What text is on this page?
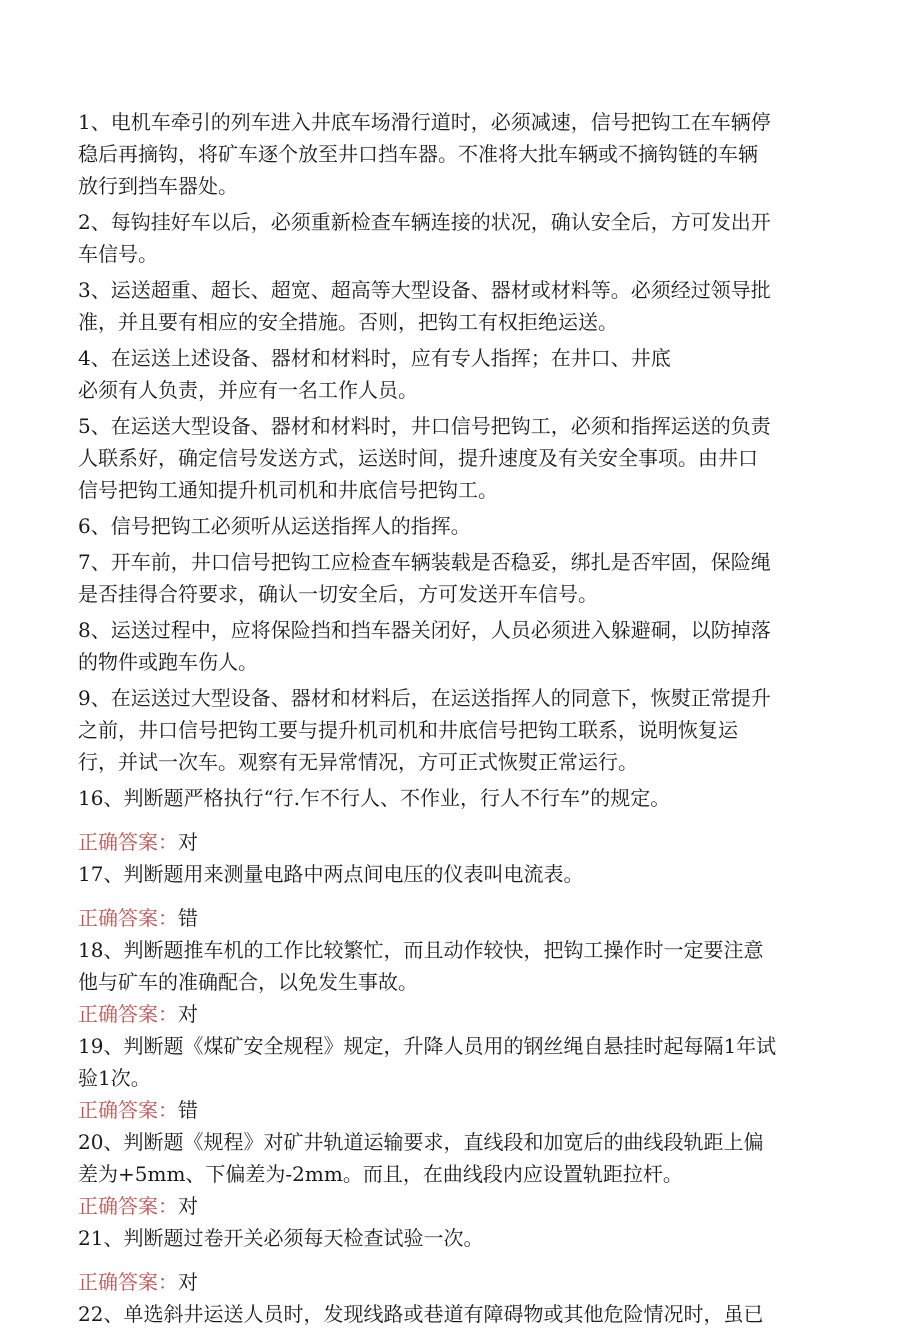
1、电机车牵引的列车进入井底车场滑行道时，必须减速，信号把钩工在车辆停

稳后再摘钩，将矿车逐个放至井口挡车器。不准将大批车辆或不摘钩链的车辆

放行到挡车器处。

2、每钩挂好车以后，必须重新检查车辆连接的状况，确认安全后，方可发出开

车信号。

3、运送超重、超长、超宽、超高等大型设备、器材或材料等。必须经过领导批

准，并且要有相应的安全措施。否则，把钩工有权拒绝运送。

4、在运送上述设备、器材和材料时，应有专人指挥；在井口、井底

必须有人负责，并应有一名工作人员。

5、在运送大型设备、器材和材料时，井口信号把钩工，必须和指挥运送的负责

人联系好，确定信号发送方式，运送时间，提升速度及有关安全事项。由井口

信号把钩工通知提升机司机和井底信号把钩工。

6、信号把钩工必须听从运送指挥人的指挥。

7、开车前，井口信号把钩工应检查车辆装载是否稳妥，绑扎是否牢固，保险绳

是否挂得合符要求，确认一切安全后，方可发送开车信号。

8、运送过程中，应将保险挡和挡车器关闭好，人员必须进入躲避硐，以防掉落

的物件或跑车伤人。

9、在运送过大型设备、器材和材料后，在运送指挥人的同意下，恢熨正常提升

之前，井口信号把钩工要与提升机司机和井底信号把钩工联系，说明恢复运

行，并试一次车。观察有无异常情况，方可正式恢熨正常运行。

16、判断题严格执行“行.乍不行人、不作业，行人不行车”的规定。

正确答案：对

17、判断题用来测量电路中两点间电压的仪表叫电流表。

正确答案：错

18、判断题推车机的工作比较繁忙，而且动作较快，把钩工操作时一定要注意

他与矿车的准确配合，以免发生事故。

正确答案：对

19、判断题《煤矿安全规程》规定，升降人员用的钢丝绳自悬挂时起每隔1年试

验1次。

正确答案：错

20、判断题《规程》对矿井轨道运输要求，直线段和加宽后的曲线段轨距上偏

差为+5mm、下偏差为-2mm。而且，在曲线段内应设置轨距拉杆。

正确答案：对

21、判断题过卷开关必须每天检查试验一次。

正确答案：对

22、单选斜井运送人员时，发现线路或巷道有障碍物或其他危险情况时，虽已
